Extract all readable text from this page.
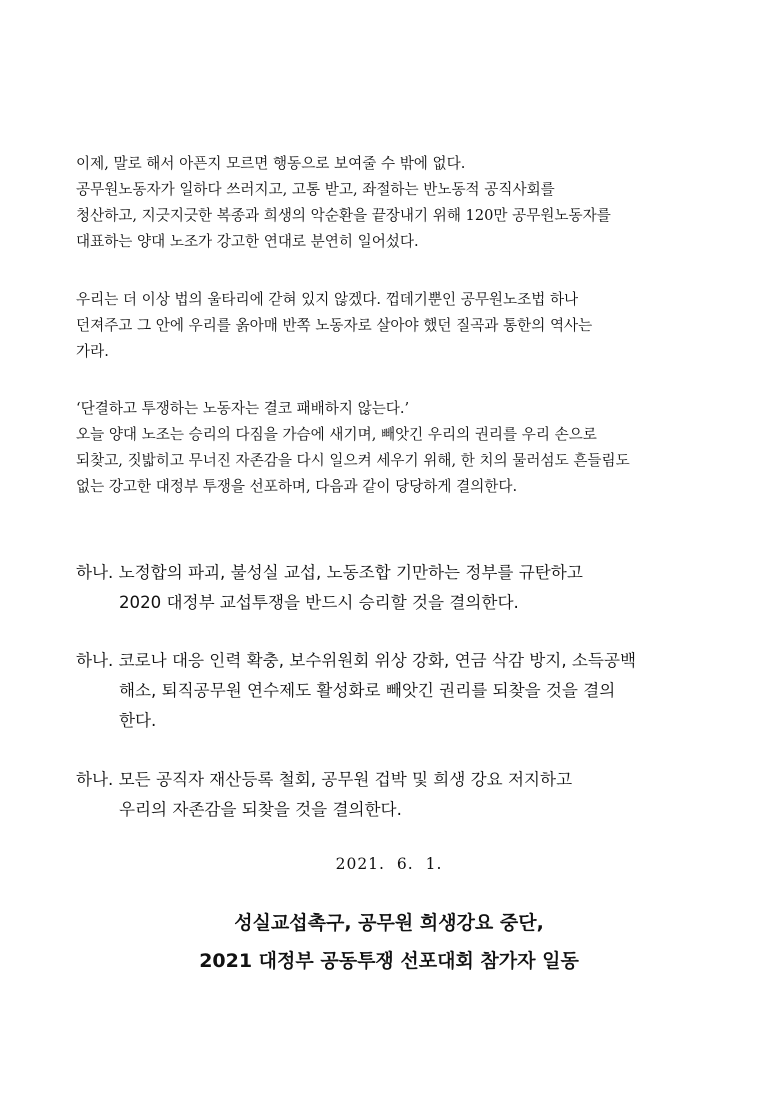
이제, 말로 해서 아픈지 모르면 행동으로 보여줄 수 밖에 없다.
공무원노동자가 일하다 쓰러지고, 고통 받고, 좌절하는 반노동적 공직사회를
청산하고, 지긋지긋한 복종과 희생의 악순환을 끝장내기 위해 120만 공무원노동자를
대표하는 양대 노조가 강고한 연대로 분연히 일어섰다.
우리는 더 이상 법의 울타리에 갇혀 있지 않겠다. 껍데기뿐인 공무원노조법 하나
던져주고 그 안에 우리를 옭아매 반쪽 노동자로 살아야 했던 질곡과 통한의 역사는
가라.
‘단결하고 투쟁하는 노동자는 결코 패배하지 않는다.’
오늘 양대 노조는 승리의 다짐을 가슴에 새기며, 빼앗긴 우리의 권리를 우리 손으로
되찾고, 짓밟히고 무너진 자존감을 다시 일으켜 세우기 위해, 한 치의 물러섬도 흔들림도
없는 강고한 대정부 투쟁을 선포하며, 다음과 같이 당당하게 결의한다.
하나. 노정합의 파괴, 불성실 교섭, 노동조합 기만하는 정부를 규탄하고
2020 대정부 교섭투쟁을 반드시 승리할 것을 결의한다.
하나. 코로나 대응 인력 확충, 보수위원회 위상 강화, 연금 삭감 방지, 소득공백
해소, 퇴직공무원 연수제도 활성화로 빼앗긴 권리를 되찾을 것을 결의
한다.
하나. 모든 공직자 재산등록 철회, 공무원 겁박 및 희생 강요 저지하고
우리의 자존감을 되찾을 것을 결의한다.
2021. 6. 1.
성실교섭촉구, 공무원 희생강요 중단,
2021 대정부 공동투쟁 선포대회 참가자 일동
